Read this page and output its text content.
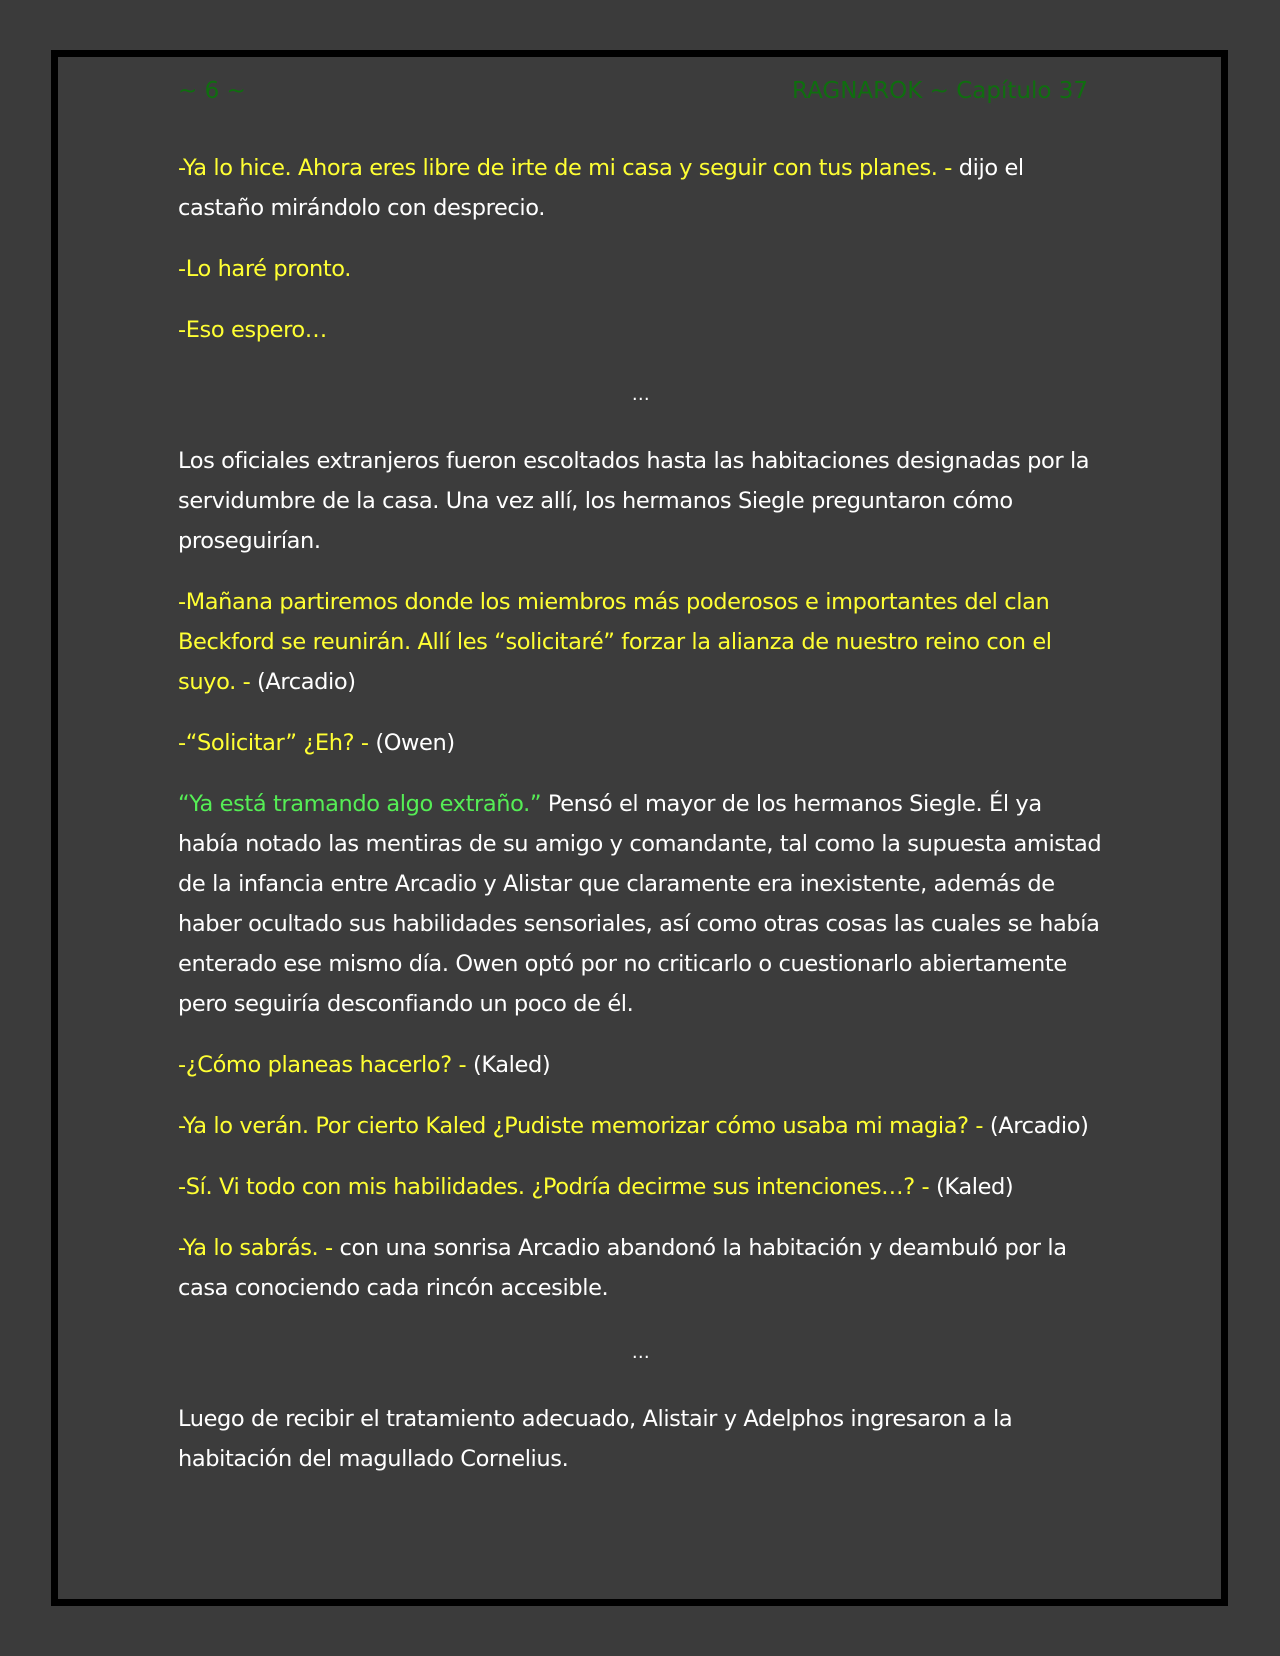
~ 6 ~	RAGNAROK ~ Capítulo 37

-Ya lo hice. Ahora eres libre de irte de mi casa y seguir con tus planes. - dijo el castaño mirándolo con desprecio.

-Lo haré pronto.

-Eso espero…

…

Los oficiales extranjeros fueron escoltados hasta las habitaciones designadas por la servidumbre de la casa. Una vez allí, los hermanos Siegle preguntaron cómo proseguirían.

-Mañana partiremos donde los miembros más poderosos e importantes del clan Beckford se reunirán. Allí les “solicitaré” forzar la alianza de nuestro reino con el suyo. - (Arcadio)

-“Solicitar” ¿Eh? - (Owen)

“Ya está tramando algo extraño.” Pensó el mayor de los hermanos Siegle. Él ya había notado las mentiras de su amigo y comandante, tal como la supuesta amistad de la infancia entre Arcadio y Alistar que claramente era inexistente, además de haber ocultado sus habilidades sensoriales, así como otras cosas las cuales se había enterado ese mismo día. Owen optó por no criticarlo o cuestionarlo abiertamente pero seguiría desconfiando un poco de él.

-¿Cómo planeas hacerlo? - (Kaled)

-Ya lo verán. Por cierto Kaled ¿Pudiste memorizar cómo usaba mi magia? - (Arcadio)

-Sí. Vi todo con mis habilidades. ¿Podría decirme sus intenciones…? - (Kaled)

-Ya lo sabrás. - con una sonrisa Arcadio abandonó la habitación y deambuló por la casa conociendo cada rincón accesible.

…

Luego de recibir el tratamiento adecuado, Alistair y Adelphos ingresaron a la habitación del magullado Cornelius.
